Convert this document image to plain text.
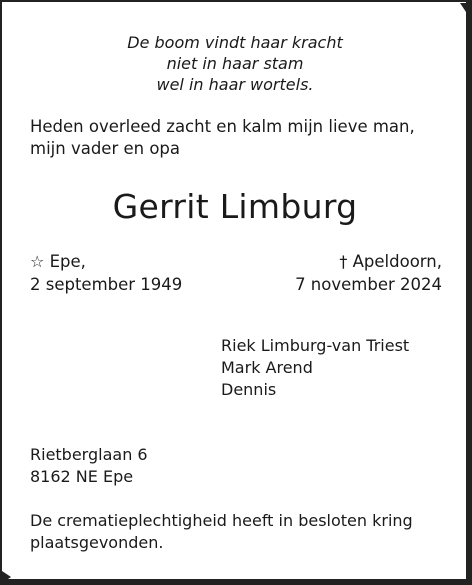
De boom vindt haar kracht
niet in haar stam
wel in haar wortels.
Heden overleed zacht en kalm mijn lieve man,
mijn vader en opa
Gerrit Limburg
☆ Epe,
2 september 1949
† Apeldoorn,
7 november 2024
Riek Limburg-van Triest
Mark Arend
Dennis
Rietberglaan 6
8162 NE Epe
De crematieplechtigheid heeft in besloten kring
plaatsgevonden.
